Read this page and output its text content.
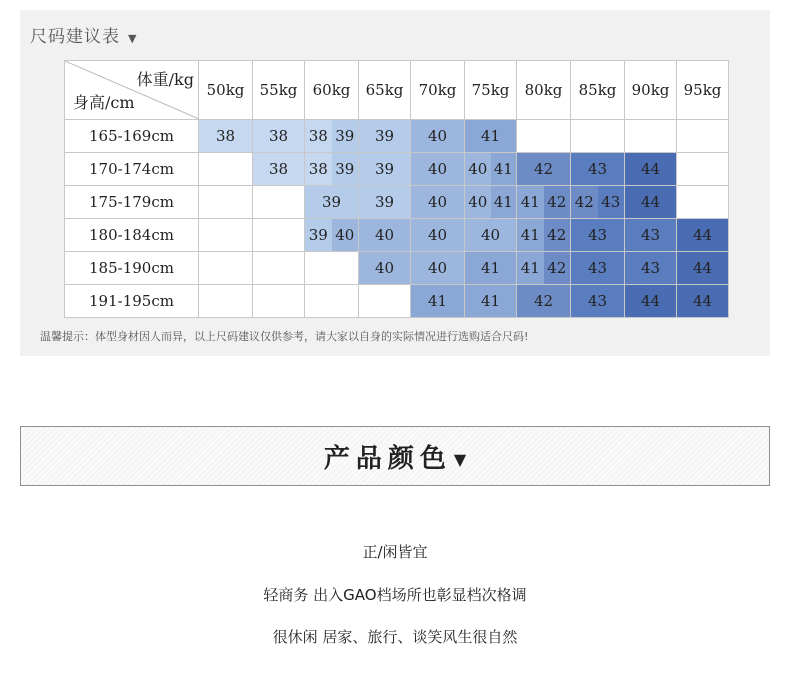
尺码建议表 ▼
体重/kg
身高/cm	50kg	55kg	60kg	65kg	70kg	75kg	80kg	85kg	90kg	95kg
165-169cm	38	38	38 39	39	40	41				
170-174cm		38	38 39	39	40	40 41	42	43	44	
175-179cm			39	39	40	40 41	41 42	42 43	44	
180-184cm			39 40	40	40	40	41 42	43	43	44
185-190cm				40	40	41	41 42	43	43	44
191-195cm					41	41	42	43	44	44
温馨提示：体型身材因人而异，以上尺码建议仅供参考，请大家以自身的实际情况进行选购适合尺码!
产品颜色 ▼
正/闲皆宜
轻商务 出入GAO档场所也彰显档次格调
很休闲 居家、旅行、谈笑风生很自然
